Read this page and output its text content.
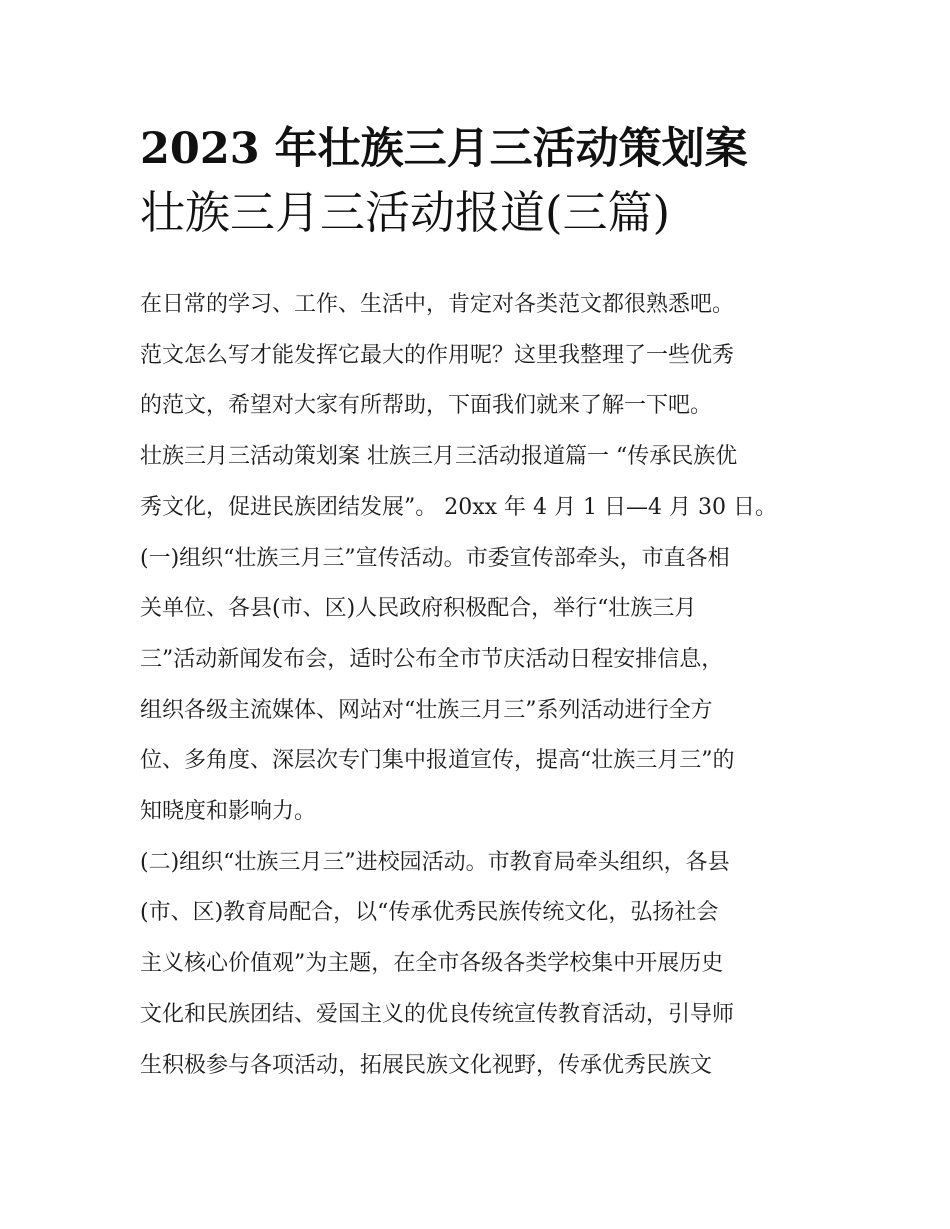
2023 年壮族三月三活动策划案
壮族三月三活动报道(三篇)
在日常的学习、工作、生活中，肯定对各类范文都很熟悉吧。
范文怎么写才能发挥它最大的作用呢？这里我整理了一些优秀
的范文，希望对大家有所帮助，下面我们就来了解一下吧。
壮族三月三活动策划案 壮族三月三活动报道篇一 “传承民族优
秀文化，促进民族团结发展”。 20xx 年 4 月 1 日—4 月 30 日。
(一)组织“壮族三月三”宣传活动。市委宣传部牵头，市直各相
关单位、各县(市、区)人民政府积极配合，举行“壮族三月
三”活动新闻发布会，适时公布全市节庆活动日程安排信息，
组织各级主流媒体、网站对“壮族三月三”系列活动进行全方
位、多角度、深层次专门集中报道宣传，提高“壮族三月三”的
知晓度和影响力。
(二)组织“壮族三月三”进校园活动。市教育局牵头组织，各县
(市、区)教育局配合，以“传承优秀民族传统文化，弘扬社会
主义核心价值观”为主题，在全市各级各类学校集中开展历史
文化和民族团结、爱国主义的优良传统宣传教育活动，引导师
生积极参与各项活动，拓展民族文化视野，传承优秀民族文
